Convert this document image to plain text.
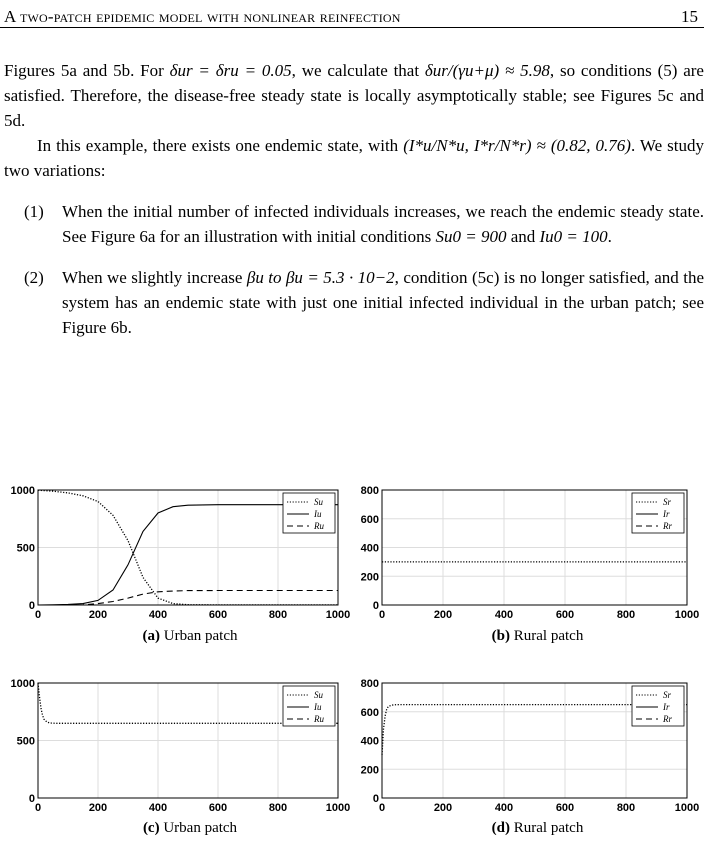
A two-patch epidemic model with nonlinear reinfection	15

Figures 5a and 5b. For δur = δru = 0.05, we calculate that δur/(γu+μ) ≈ 5.98, so conditions (5) are satisfied. Therefore, the disease-free steady state is locally asymptotically stable; see Figures 5c and 5d.

In this example, there exists one endemic state, with (I*u/N*u, I*r/N*r) ≈ (0.82, 0.76). We study two variations:

(1) When the initial number of infected individuals increases, we reach the endemic steady state. See Figure 6a for an illustration with initial conditions Su0 = 900 and Iu0 = 100.
(2) When we slightly increase βu to βu = 5.3 · 10−2, condition (5c) is no longer satisfied, and the system has an endemic state with just one initial infected individual in the urban patch; see Figure 6b.
0	200	400	600	800	1000
0
500
1000
Su
Iu
Ru
(a) Urban patch
0	200	400	600	800	1000
0
200
400
600
800
Sr
Ir
Rr
(b) Rural patch
0	200	400	600	800	1000
0
500
1000
Su
Iu
Ru
(c) Urban patch
0	200	400	600	800	1000
0
200
400
600
800
Sr
Ir
Rr
(d) Rural patch
